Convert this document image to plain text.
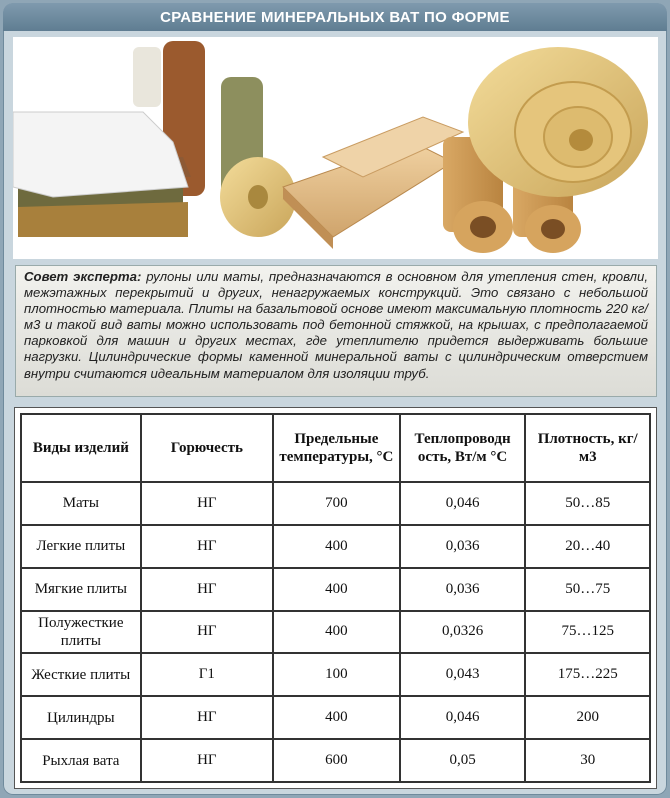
СРАВНЕНИЕ МИНЕРАЛЬНЫХ ВАТ ПО ФОРМЕ
Совет эксперта: рулоны или маты, предназначаются в основном для утепления стен, кровли, межэтажных перекрытий и других, ненагружаемых конструкций. Это связано с небольшой плотностью материала. Плиты на базальтовой основе имеют максимальную плотность 220 кг/м3 и такой вид ваты можно использовать под бетонной стяжкой, на крышах, с предполагаемой парковкой для машин и других местах, где утеплителю придется выдерживать большие нагрузки. Цилиндрические формы каменной минеральной ваты с цилиндрическим отверстием внутри считаются идеальным материалом для изоляции труб.
Виды изделий	Горючесть	Предельные температуры, °С	Теплопроводн ость, Вт/м °С	Плотность, кг/м3
Маты	НГ	700	0,046	50…85
Легкие плиты	НГ	400	0,036	20…40
Мягкие плиты	НГ	400	0,036	50…75
Полужесткие плиты	НГ	400	0,0326	75…125
Жесткие плиты	Г1	100	0,043	175…225
Цилиндры	НГ	400	0,046	200
Рыхлая вата	НГ	600	0,05	30
